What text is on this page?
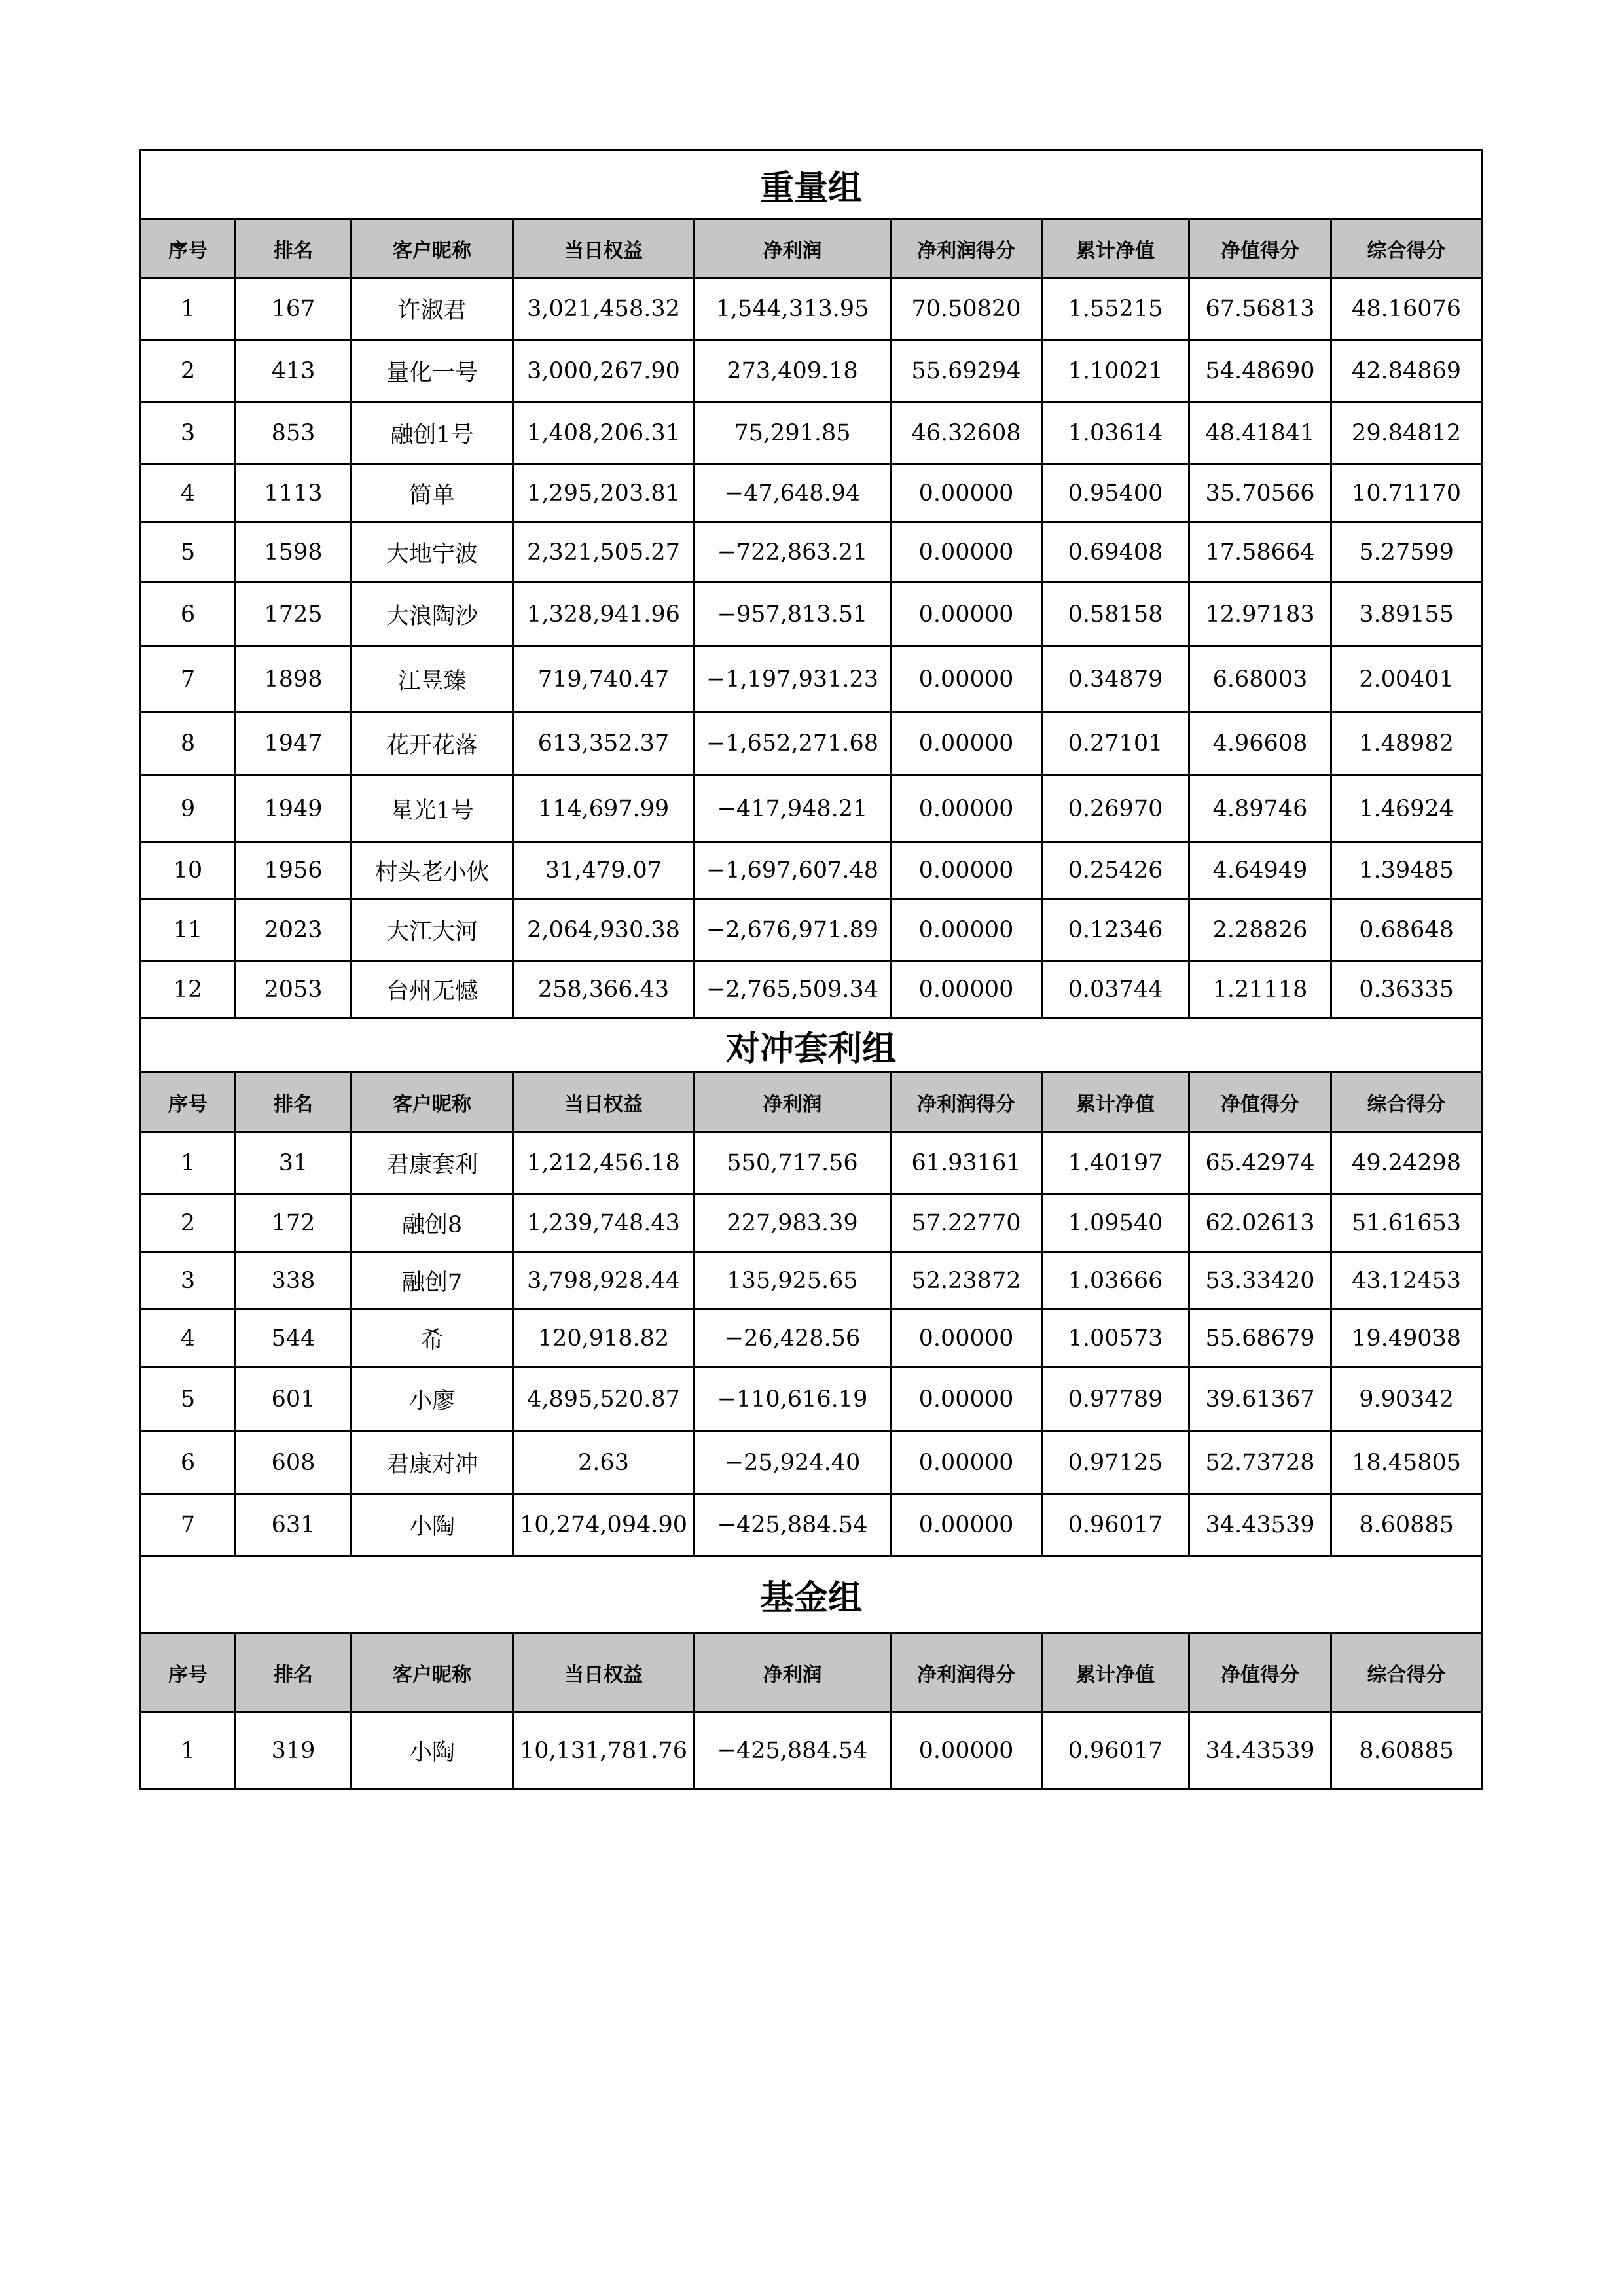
重量组								
序号	排名	客户昵称	当日权益	净利润	净利润得分	累计净值	净值得分	综合得分
1	167	许淑君	3,021,458.32	1,544,313.95	70.50820	1.55215	67.56813	48.16076
2	413	量化一号	3,000,267.90	273,409.18	55.69294	1.10021	54.48690	42.84869
3	853	融创1号	1,408,206.31	75,291.85	46.32608	1.03614	48.41841	29.84812
4	1113	简单	1,295,203.81	−47,648.94	0.00000	0.95400	35.70566	10.71170
5	1598	大地宁波	2,321,505.27	−722,863.21	0.00000	0.69408	17.58664	5.27599
6	1725	大浪陶沙	1,328,941.96	−957,813.51	0.00000	0.58158	12.97183	3.89155
7	1898	江昱臻	719,740.47	−1,197,931.23	0.00000	0.34879	6.68003	2.00401
8	1947	花开花落	613,352.37	−1,652,271.68	0.00000	0.27101	4.96608	1.48982
9	1949	星光1号	114,697.99	−417,948.21	0.00000	0.26970	4.89746	1.46924
10	1956	村头老小伙	31,479.07	−1,697,607.48	0.00000	0.25426	4.64949	1.39485
11	2023	大江大河	2,064,930.38	−2,676,971.89	0.00000	0.12346	2.28826	0.68648
12	2053	台州无憾	258,366.43	−2,765,509.34	0.00000	0.03744	1.21118	0.36335
对冲套利组								
序号	排名	客户昵称	当日权益	净利润	净利润得分	累计净值	净值得分	综合得分
1	31	君康套利	1,212,456.18	550,717.56	61.93161	1.40197	65.42974	49.24298
2	172	融创8	1,239,748.43	227,983.39	57.22770	1.09540	62.02613	51.61653
3	338	融创7	3,798,928.44	135,925.65	52.23872	1.03666	53.33420	43.12453
4	544	希	120,918.82	−26,428.56	0.00000	1.00573	55.68679	19.49038
5	601	小廖	4,895,520.87	−110,616.19	0.00000	0.97789	39.61367	9.90342
6	608	君康对冲	2.63	−25,924.40	0.00000	0.97125	52.73728	18.45805
7	631	小陶	10,274,094.90	−425,884.54	0.00000	0.96017	34.43539	8.60885
基金组								
序号	排名	客户昵称	当日权益	净利润	净利润得分	累计净值	净值得分	综合得分
1	319	小陶	10,131,781.76	−425,884.54	0.00000	0.96017	34.43539	8.60885
